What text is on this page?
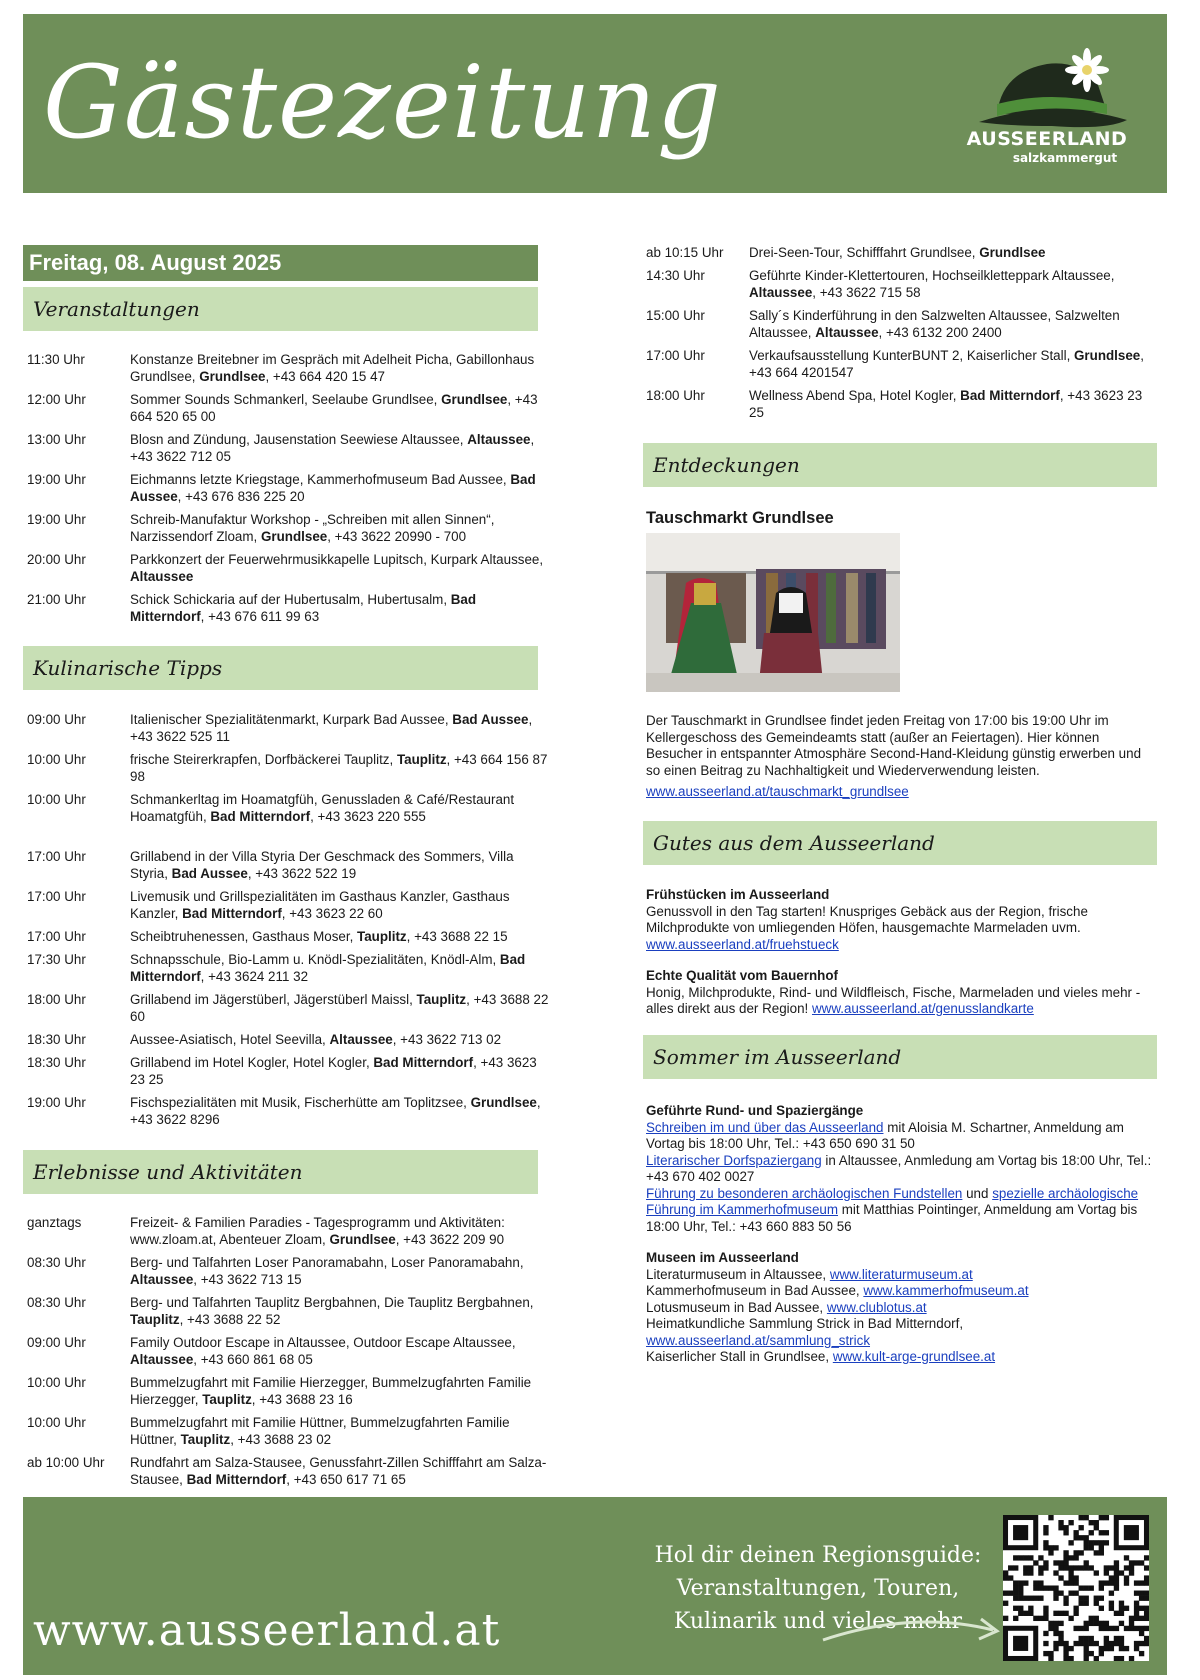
Gästezeitung	AUSSEERLAND
salzkammergut
Freitag, 08. August 2025
Veranstaltungen
11:30 Uhr	Konstanze Breitebner im Gespräch mit Adelheit Picha, Gabillonhaus Grundlsee, Grundlsee, +43 664 420 15 47
12:00 Uhr	Sommer Sounds Schmankerl, Seelaube Grundlsee, Grundlsee, +43 664 520 65 00
13:00 Uhr	Blosn and Zündung, Jausenstation Seewiese Altaussee, Altaussee, +43 3622 712 05
19:00 Uhr	Eichmanns letzte Kriegstage, Kammerhofmuseum Bad Aussee, Bad Aussee, +43 676 836 225 20
19:00 Uhr	Schreib-Manufaktur Workshop - „Schreiben mit allen Sinnen“, Narzissendorf Zloam, Grundlsee, +43 3622 20990 - 700
20:00 Uhr	Parkkonzert der Feuerwehrmusikkapelle Lupitsch, Kurpark Altaussee, Altaussee
21:00 Uhr	Schick Schickaria auf der Hubertusalm, Hubertusalm, Bad Mitterndorf, +43 676 611 99 63
Kulinarische Tipps
09:00 Uhr	Italienischer Spezialitätenmarkt, Kurpark Bad Aussee, Bad Aussee, +43 3622 525 11
10:00 Uhr	frische Steirerkrapfen, Dorfbäckerei Tauplitz, Tauplitz, +43 664 156 87 98
10:00 Uhr	Schmankerltag im Hoamatgfüh, Genussladen & Café/Restaurant Hoamatgfüh, Bad Mitterndorf, +43 3623 220 555
17:00 Uhr	Grillabend in der Villa Styria Der Geschmack des Sommers, Villa Styria, Bad Aussee, +43 3622 522 19
17:00 Uhr	Livemusik und Grillspezialitäten im Gasthaus Kanzler, Gasthaus Kanzler, Bad Mitterndorf, +43 3623 22 60
17:00 Uhr	Scheibtruhenessen, Gasthaus Moser, Tauplitz, +43 3688 22 15
17:30 Uhr	Schnapsschule, Bio-Lamm u. Knödl-Spezialitäten, Knödl-Alm, Bad Mitterndorf, +43 3624 211 32
18:00 Uhr	Grillabend im Jägerstüberl, Jägerstüberl Maissl, Tauplitz, +43 3688 22 60
18:30 Uhr	Aussee-Asiatisch, Hotel Seevilla, Altaussee, +43 3622 713 02
18:30 Uhr	Grillabend im Hotel Kogler, Hotel Kogler, Bad Mitterndorf, +43 3623 23 25
19:00 Uhr	Fischspezialitäten mit Musik, Fischerhütte am Toplitzsee, Grundlsee, +43 3622 8296
Erlebnisse und Aktivitäten
ganztags	Freizeit- & Familien Paradies - Tagesprogramm und Aktivitäten: www.zloam.at, Abenteuer Zloam, Grundlsee, +43 3622 209 90
08:30 Uhr	Berg- und Talfahrten Loser Panoramabahn, Loser Panoramabahn, Altaussee, +43 3622 713 15
08:30 Uhr	Berg- und Talfahrten Tauplitz Bergbahnen, Die Tauplitz Bergbahnen, Tauplitz, +43 3688 22 52
09:00 Uhr	Family Outdoor Escape in Altaussee, Outdoor Escape Altaussee, Altaussee, +43 660 861 68 05
10:00 Uhr	Bummelzugfahrt mit Familie Hierzegger, Bummelzugfahrten Familie Hierzegger, Tauplitz, +43 3688 23 16
10:00 Uhr	Bummelzugfahrt mit Familie Hüttner, Bummelzugfahrten Familie Hüttner, Tauplitz, +43 3688 23 02
ab 10:00 Uhr	Rundfahrt am Salza-Stausee, Genussfahrt-Zillen Schifffahrt am Salza-Stausee, Bad Mitterndorf, +43 650 617 71 65
ab 10:15 Uhr	Drei-Seen-Tour, Schifffahrt Grundlsee, Grundlsee
14:30 Uhr	Geführte Kinder-Klettertouren, Hochseilklettерpark Altaussee, Altaussee, +43 3622 715 58
15:00 Uhr	Sally´s Kinderführung in den Salzwelten Altaussee, Salzwelten Altaussee, Altaussee, +43 6132 200 2400
17:00 Uhr	Verkaufsausstellung KunterBUNT 2, Kaiserlicher Stall, Grundlsee, +43 664 4201547
18:00 Uhr	Wellness Abend Spa, Hotel Kogler, Bad Mitterndorf, +43 3623 23 25
Entdeckungen
Tauschmarkt Grundlsee
Der Tauschmarkt in Grundlsee findet jeden Freitag von 17:00 bis 19:00 Uhr im Kellergeschoss des Gemeindeamts statt (außer an Feiertagen). Hier können Besucher in entspannter Atmosphäre Second-Hand-Kleidung günstig erwerben und so einen Beitrag zu Nachhaltigkeit und Wiederverwendung leisten.
www.ausseerland.at/tauschmarkt_grundlsee
Gutes aus dem Ausseerland
Frühstücken im Ausseerland
Genussvoll in den Tag starten! Knuspriges Gebäck aus der Region, frische Milchprodukte von umliegenden Höfen, hausgemachte Marmeladen uvm.
www.ausseerland.at/fruehstueck
Echte Qualität vom Bauernhof
Honig, Milchprodukte, Rind- und Wildfleisch, Fische, Marmeladen und vieles mehr - alles direkt aus der Region! www.ausseerland.at/genusslandkarte
Sommer im Ausseerland
Geführte Rund- und Spaziergänge
Schreiben im und über das Ausseerland mit Aloisia M. Schartner, Anmeldung am Vortag bis 18:00 Uhr, Tel.: +43 650 690 31 50
Literarischer Dorfspaziergang in Altaussee, Anmledung am Vortag bis 18:00 Uhr, Tel.: +43 670 402 0027
Führung zu besonderen archäologischen Fundstellen und spezielle archäologische Führung im Kammerhofmuseum mit Matthias Pointinger, Anmeldung am Vortag bis 18:00 Uhr, Tel.: +43 660 883 50 56
Museen im Ausseerland
Literaturmuseum in Altaussee, www.literaturmuseum.at
Kammerhofmuseum in Bad Aussee, www.kammerhofmuseum.at
Lotusmuseum in Bad Aussee, www.clublotus.at
Heimatkundliche Sammlung Strick in Bad Mitterndorf,
www.ausseerland.at/sammlung_strick
Kaiserlicher Stall in Grundlsee, www.kult-arge-grundlsee.at
www.ausseerland.at
Hol dir deinen Regionsguide:
Veranstaltungen, Touren,
Kulinarik und vieles mehr
